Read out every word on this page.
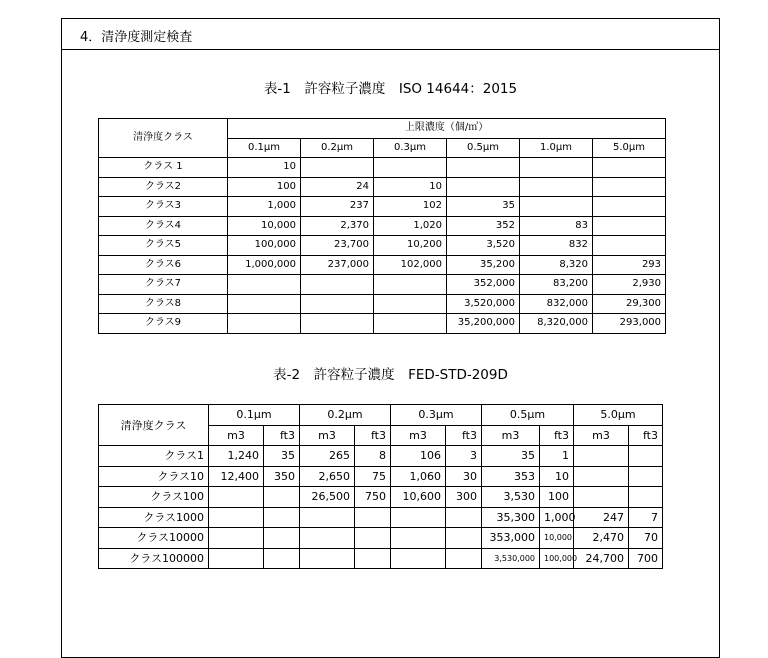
4．清浄度測定検査
表-1　許容粒子濃度　ISO 14644：2015
清浄度クラス	上限濃度（個/㎥）					
	0.1μm	0.2μm	0.3μm	0.5μm	1.0μm	5.0μm
クラス 1	10					
クラス2	100	24	10			
クラス3	1,000	237	102	35		
クラス4	10,000	2,370	1,020	352	83	
クラス5	100,000	23,700	10,200	3,520	832	
クラス6	1,000,000	237,000	102,000	35,200	8,320	293
クラス7				352,000	83,200	2,930
クラス8				3,520,000	832,000	29,300
クラス9				35,200,000	8,320,000	293,000
表-2　許容粒子濃度　FED-STD-209D
清浄度クラス	0.1μm		0.2μm		0.3μm		0.5μm		5.0μm	
	m3	ft3	m3	ft3	m3	ft3	m3	ft3	m3	ft3
クラス1	1,240	35	265	8	106	3	35	1		
クラス10	12,400	350	2,650	75	1,060	30	353	10		
クラス100			26,500	750	10,600	300	3,530	100		
クラス1000							35,300	1,000	247	7
クラス10000							353,000	10,000	2,470	70
クラス100000							3,530,000	100,000	24,700	700
